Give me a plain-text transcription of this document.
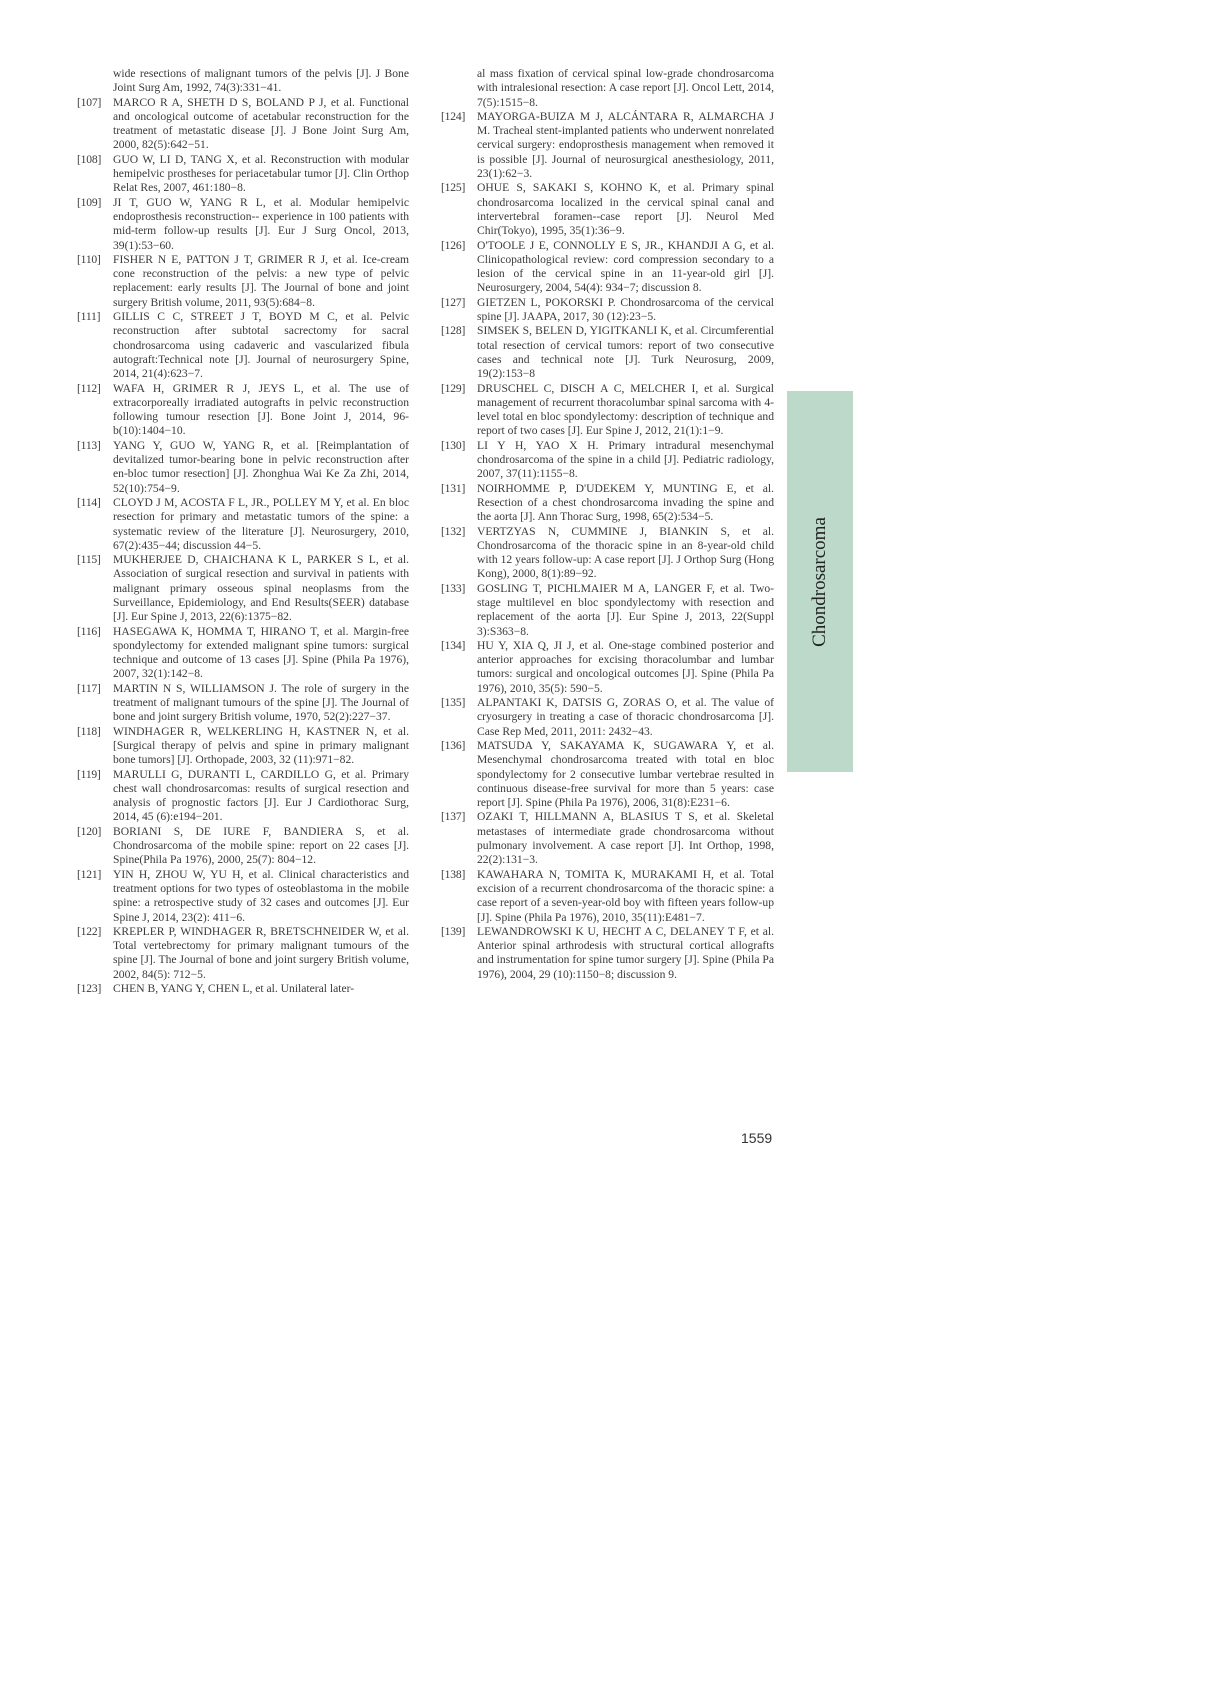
wide resections of malignant tumors of the pelvis [J]. J Bone Joint Surg Am, 1992, 74(3):331−41.

[107] MARCO R A, SHETH D S, BOLAND P J, et al. Functional and oncological outcome of acetabular reconstruction for the treatment of metastatic disease [J]. J Bone Joint Surg Am, 2000, 82(5):642−51.

[108] GUO W, LI D, TANG X, et al. Reconstruction with modular hemipelvic prostheses for periacetabular tumor [J]. Clin Orthop Relat Res, 2007, 461:180−8.

[109] JI T, GUO W, YANG R L, et al. Modular hemipelvic endoprosthesis reconstruction-- experience in 100 patients with mid-term follow-up results [J]. Eur J Surg Oncol, 2013, 39(1):53−60.

[110] FISHER N E, PATTON J T, GRIMER R J, et al. Ice-cream cone reconstruction of the pelvis: a new type of pelvic replacement: early results [J]. The Journal of bone and joint surgery British volume, 2011, 93(5):684−8.

[111] GILLIS C C, STREET J T, BOYD M C, et al. Pelvic reconstruction after subtotal sacrectomy for sacral chondrosarcoma using cadaveric and vascularized fibula autograft:Technical note [J]. Journal of neurosurgery Spine, 2014, 21(4):623−7.

[112] WAFA H, GRIMER R J, JEYS L, et al. The use of extracorporeally irradiated autografts in pelvic reconstruction following tumour resection [J]. Bone Joint J, 2014, 96-b(10):1404−10.

[113] YANG Y, GUO W, YANG R, et al. [Reimplantation of devitalized tumor-bearing bone in pelvic reconstruction after en-bloc tumor resection] [J]. Zhonghua Wai Ke Za Zhi, 2014, 52(10):754−9.

[114] CLOYD J M, ACOSTA F L, JR., POLLEY M Y, et al. En bloc resection for primary and metastatic tumors of the spine: a systematic review of the literature [J]. Neurosurgery, 2010, 67(2):435−44; discussion 44−5.

[115] MUKHERJEE D, CHAICHANA K L, PARKER S L, et al. Association of surgical resection and survival in patients with malignant primary osseous spinal neoplasms from the Surveillance, Epidemiology, and End Results(SEER) database [J]. Eur Spine J, 2013, 22(6):1375−82.

[116] HASEGAWA K, HOMMA T, HIRANO T, et al. Margin-free spondylectomy for extended malignant spine tumors: surgical technique and outcome of 13 cases [J]. Spine (Phila Pa 1976), 2007, 32(1):142−8.

[117] MARTIN N S, WILLIAMSON J. The role of surgery in the treatment of malignant tumours of the spine [J]. The Journal of bone and joint surgery British volume, 1970, 52(2):227−37.

[118] WINDHAGER R, WELKERLING H, KASTNER N, et al. [Surgical therapy of pelvis and spine in primary malignant bone tumors] [J]. Orthopade, 2003, 32 (11):971−82.

[119] MARULLI G, DURANTI L, CARDILLO G, et al. Primary chest wall chondrosarcomas: results of surgical resection and analysis of prognostic factors [J]. Eur J Cardiothorac Surg, 2014, 45 (6):e194−201.

[120] BORIANI S, DE IURE F, BANDIERA S, et al. Chondrosarcoma of the mobile spine: report on 22 cases [J]. Spine(Phila Pa 1976), 2000, 25(7): 804−12.

[121] YIN H, ZHOU W, YU H, et al. Clinical characteristics and treatment options for two types of osteoblastoma in the mobile spine: a retrospective study of 32 cases and outcomes [J]. Eur Spine J, 2014, 23(2): 411−6.

[122] KREPLER P, WINDHAGER R, BRETSCHNEIDER W, et al. Total vertebrectomy for primary malignant tumours of the spine [J]. The Journal of bone and joint surgery British volume, 2002, 84(5): 712−5.

[123] CHEN B, YANG Y, CHEN L, et al. Unilateral later-

al mass fixation of cervical spinal low-grade chondrosarcoma with intralesional resection: A case report [J]. Oncol Lett, 2014, 7(5):1515−8.

[124] MAYORGA-BUIZA M J, ALCÁNTARA R, ALMARCHA J M. Tracheal stent-implanted patients who underwent nonrelated cervical surgery: endoprosthesis management when removed it is possible [J]. Journal of neurosurgical anesthesiology, 2011, 23(1):62−3.

[125] OHUE S, SAKAKI S, KOHNO K, et al. Primary spinal chondrosarcoma localized in the cervical spinal canal and intervertebral foramen--case report [J]. Neurol Med Chir(Tokyo), 1995, 35(1):36−9.

[126] O'TOOLE J E, CONNOLLY E S, JR., KHANDJI A G, et al. Clinicopathological review: cord compression secondary to a lesion of the cervical spine in an 11-year-old girl [J]. Neurosurgery, 2004, 54(4): 934−7; discussion 8.

[127] GIETZEN L, POKORSKI P. Chondrosarcoma of the cervical spine [J]. JAAPA, 2017, 30 (12):23−5.

[128] SIMSEK S, BELEN D, YIGITKANLI K, et al. Circumferential total resection of cervical tumors: report of two consecutive cases and technical note [J]. Turk Neurosurg, 2009, 19(2):153−8

[129] DRUSCHEL C, DISCH A C, MELCHER I, et al. Surgical management of recurrent thoracolumbar spinal sarcoma with 4-level total en bloc spondylectomy: description of technique and report of two cases [J]. Eur Spine J, 2012, 21(1):1−9.

[130] LI Y H, YAO X H. Primary intradural mesenchymal chondrosarcoma of the spine in a child [J]. Pediatric radiology, 2007, 37(11):1155−8.

[131] NOIRHOMME P, D'UDEKEM Y, MUNTING E, et al. Resection of a chest chondrosarcoma invading the spine and the aorta [J]. Ann Thorac Surg, 1998, 65(2):534−5.

[132] VERTZYAS N, CUMMINE J, BIANKIN S, et al. Chondrosarcoma of the thoracic spine in an 8-year-old child with 12 years follow-up: A case report [J]. J Orthop Surg (Hong Kong), 2000, 8(1):89−92.

[133] GOSLING T, PICHLMAIER M A, LANGER F, et al. Two-stage multilevel en bloc spondylectomy with resection and replacement of the aorta [J]. Eur Spine J, 2013, 22(Suppl 3):S363−8.

[134] HU Y, XIA Q, JI J, et al. One-stage combined posterior and anterior approaches for excising thoracolumbar and lumbar tumors: surgical and oncological outcomes [J]. Spine (Phila Pa 1976), 2010, 35(5): 590−5.

[135] ALPANTAKI K, DATSIS G, ZORAS O, et al. The value of cryosurgery in treating a case of thoracic chondrosarcoma [J]. Case Rep Med, 2011, 2011: 2432−43.

[136] MATSUDA Y, SAKAYAMA K, SUGAWARA Y, et al. Mesenchymal chondrosarcoma treated with total en bloc spondylectomy for 2 consecutive lumbar vertebrae resulted in continuous disease-free survival for more than 5 years: case report [J]. Spine (Phila Pa 1976), 2006, 31(8):E231−6.

[137] OZAKI T, HILLMANN A, BLASIUS T S, et al. Skeletal metastases of intermediate grade chondrosarcoma without pulmonary involvement. A case report [J]. Int Orthop, 1998, 22(2):131−3.

[138] KAWAHARA N, TOMITA K, MURAKAMI H, et al. Total excision of a recurrent chondrosarcoma of the thoracic spine: a case report of a seven-year-old boy with fifteen years follow-up [J]. Spine (Phila Pa 1976), 2010, 35(11):E481−7.

[139] LEWANDROWSKI K U, HECHT A C, DELANEY T F, et al. Anterior spinal arthrodesis with structural cortical allografts and instrumentation for spine tumor surgery [J]. Spine (Phila Pa 1976), 2004, 29 (10):1150−8; discussion 9.

Chondrosarcoma
1559
